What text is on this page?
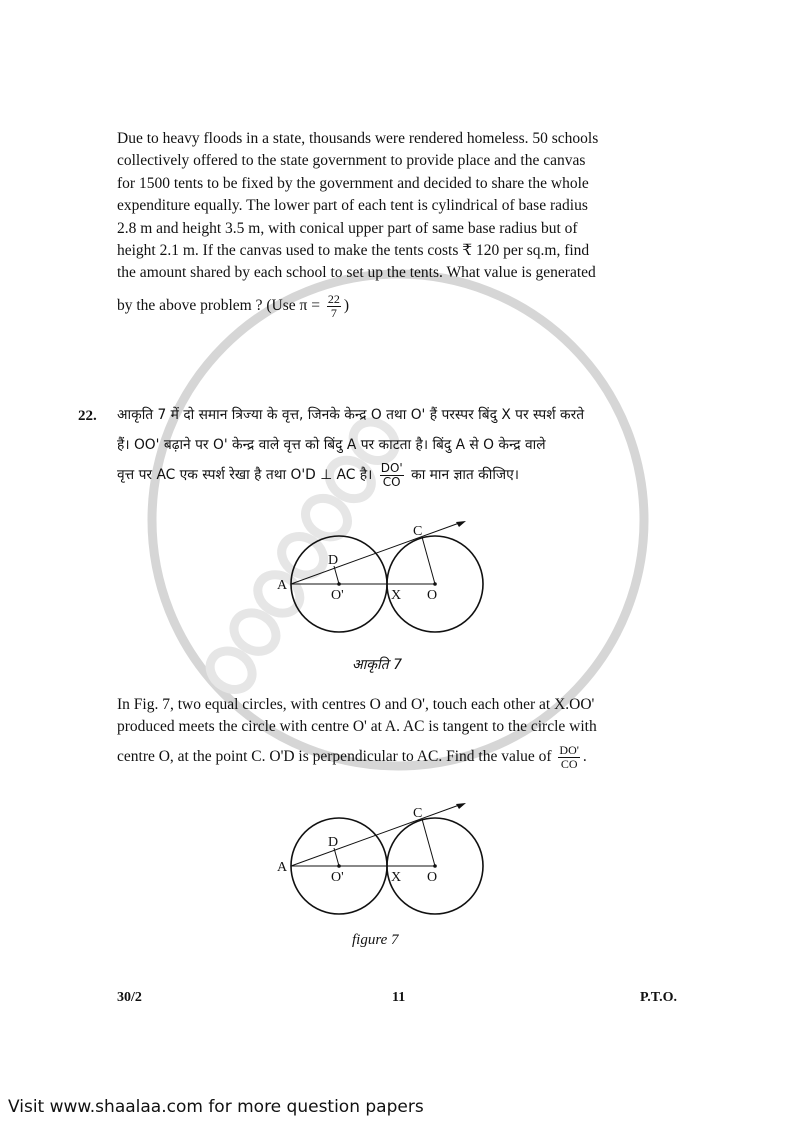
Due to heavy floods in a state, thousands were rendered homeless. 50 schools
collectively offered to the state government to provide place and the canvas
for 1500 tents to be fixed by the government and decided to share the whole
expenditure equally. The lower part of each tent is cylindrical of base radius
2.8 m and height 3.5 m, with conical upper part of same base radius but of
height 2.1 m. If the canvas used to make the tents costs ₹ 120 per sq.m, find
the amount shared by each school to set up the tents. What value is generated
by the above problem ? (Use $\pi = \frac{22}{7}$ )
22. आकृति 7 में दो समान त्रिज्या के वृत्त, जिनके केन्द्र O तथा O' हैं परस्पर बिंदु X पर स्पर्श करते
हैं। OO' बढ़ाने पर O' केन्द्र वाले वृत्त को बिंदु A पर काटता है। बिंदु A से O केन्द्र वाले
वृत्त पर AC एक स्पर्श रेखा है तथा O'D ⊥ AC है। $\frac{DO'}{CO}$ का मान ज्ञात कीजिए।
A
C
D
O'	X O
A
C
D
O'	X O
आकृति 7
In Fig. 7, two equal circles, with centres O and O', touch each other at X.OO'
produced meets the circle with centre O' at A. AC is tangent to the circle with
centre O, at the point C. O'D is perpendicular to AC. Find the value of $\frac{DO'}{CO}$ .
figure 7
30/2	11	P.T.O.
Visit www.shaalaa.com for more question papers
